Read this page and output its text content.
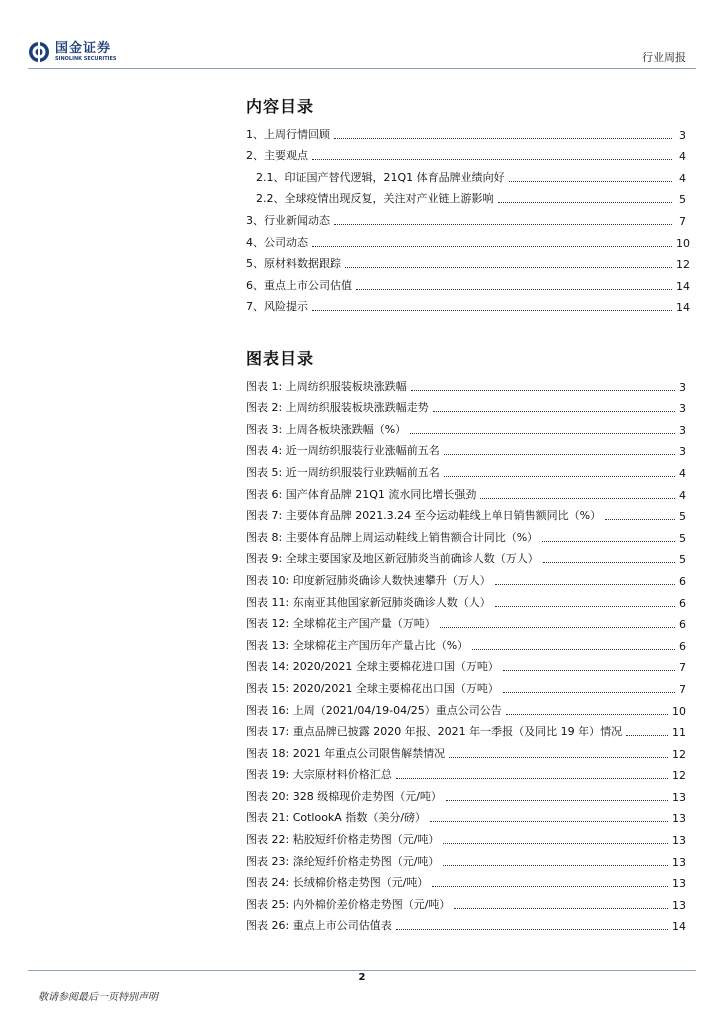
国金证券
SINOLINK SECURITIES	行业周报
内容目录
1、上周行情回顾	3
2、主要观点	4
2.1、印证国产替代逻辑，21Q1 体育品牌业绩向好	4
2.2、全球疫情出现反复，关注对产业链上游影响	5
3、行业新闻动态	7
4、公司动态	10
5、原材料数据跟踪	12
6、重点上市公司估值	14
7、风险提示	14
图表目录
图表 1: 上周纺织服装板块涨跌幅	3
图表 2: 上周纺织服装板块涨跌幅走势	3
图表 3: 上周各板块涨跌幅（%）	3
图表 4: 近一周纺织服装行业涨幅前五名	3
图表 5: 近一周纺织服装行业跌幅前五名	4
图表 6: 国产体育品牌 21Q1 流水同比增长强劲	4
图表 7: 主要体育品牌 2021.3.24 至今运动鞋线上单日销售额同比（%）	5
图表 8: 主要体育品牌上周运动鞋线上销售额合计同比（%）	5
图表 9: 全球主要国家及地区新冠肺炎当前确诊人数（万人）	5
图表 10: 印度新冠肺炎确诊人数快速攀升（万人）	6
图表 11: 东南亚其他国家新冠肺炎确诊人数（人）	6
图表 12: 全球棉花主产国产量（万吨）	6
图表 13: 全球棉花主产国历年产量占比（%）	6
图表 14: 2020/2021 全球主要棉花进口国（万吨）	7
图表 15: 2020/2021 全球主要棉花出口国（万吨）	7
图表 16: 上周（2021/04/19-04/25）重点公司公告	10
图表 17: 重点品牌已披露 2020 年报、2021 年一季报（及同比 19 年）情况	11
图表 18: 2021 年重点公司限售解禁情况	12
图表 19: 大宗原材料价格汇总	12
图表 20: 328 级棉现价走势图（元/吨）	13
图表 21: CotlookA 指数（美分/磅）	13
图表 22: 粘胶短纤价格走势图（元/吨）	13
图表 23: 涤纶短纤价格走势图（元/吨）	13
图表 24: 长绒棉价格走势图（元/吨）	13
图表 25: 内外棉价差价格走势图（元/吨）	13
图表 26: 重点上市公司估值表	14
2
敬请参阅最后一页特别声明
